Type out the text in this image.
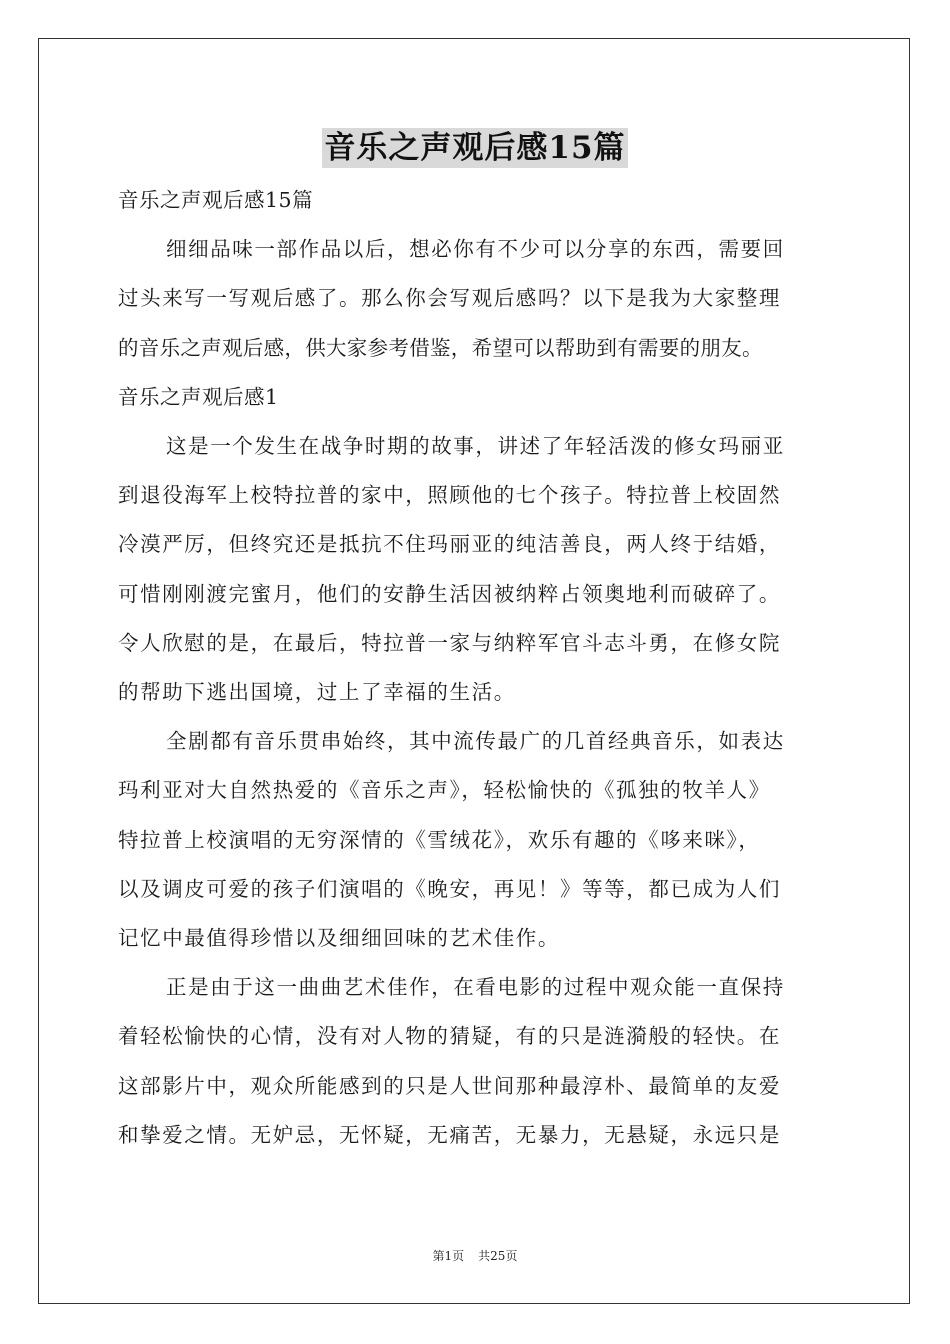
音乐之声观后感15篇
音乐之声观后感15篇
细细品味一部作品以后，想必你有不少可以分享的东西，需要回
过头来写一写观后感了。那么你会写观后感吗？以下是我为大家整理
的音乐之声观后感，供大家参考借鉴，希望可以帮助到有需要的朋友。
音乐之声观后感1
这是一个发生在战争时期的故事，讲述了年轻活泼的修女玛丽亚
到退役海军上校特拉普的家中，照顾他的七个孩子。特拉普上校固然
冷漠严厉，但终究还是抵抗不住玛丽亚的纯洁善良，两人终于结婚，
可惜刚刚渡完蜜月，他们的安静生活因被纳粹占领奥地利而破碎了。
令人欣慰的是，在最后，特拉普一家与纳粹军官斗志斗勇，在修女院
的帮助下逃出国境，过上了幸福的生活。
全剧都有音乐贯串始终，其中流传最广的几首经典音乐，如表达
玛利亚对大自然热爱的《音乐之声》，轻松愉快的《孤独的牧羊人》
特拉普上校演唱的无穷深情的《雪绒花》，欢乐有趣的《哆来咪》，
以及调皮可爱的孩子们演唱的《晚安，再见！》等等，都已成为人们
记忆中最值得珍惜以及细细回味的艺术佳作。
正是由于这一曲曲艺术佳作，在看电影的过程中观众能一直保持
着轻松愉快的心情，没有对人物的猜疑，有的只是涟漪般的轻快。在
这部影片中，观众所能感到的只是人世间那种最淳朴、最简单的友爱
和挚爱之情。无妒忌，无怀疑，无痛苦，无暴力，无悬疑，永远只是
第1页 共25页
